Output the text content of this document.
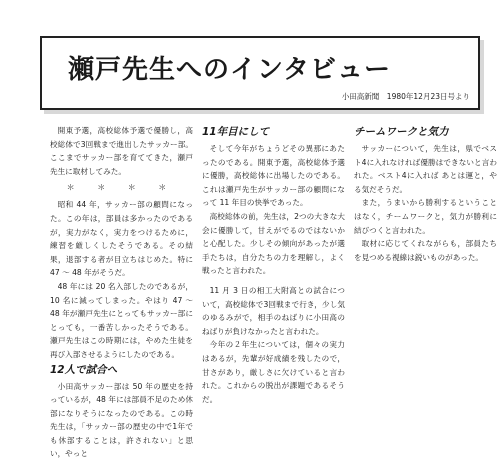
瀬戸先生へのインタビュー
小田高新聞　1980年12月23日号より

開東予選，高校総体予選で優勝し，高校総体で3回戦まで進出したサッカー部。ここまでサッカー部を育ててきた，瀬戸先生に取材してみた。

＊ ＊ ＊ ＊

昭和 44 年，サッカー部の顧問になった。この年は，部員は多かったのであるが，実力がなく，実力をつけるために，練習を厳しくしたそうである。その結果，退部する者が目立ちはじめた。特に 47 〜 48 年がそうだ。

48 年には 20 名入部したのであるが，10 名に減ってしまった。やはり 47 〜 48 年が瀬戸先生にとってもサッカー部にとっても，一番苦しかったそうである。瀬戸先生はこの時期には，やめた生徒を再び入部させるようにしたのである。

12人で試合へ

小田高サッカー部は 50 年の歴史を持っているが，48 年には部員不足のため休部になりそうになったのである。この時先生は，「サッカー部の歴史の中で1年でも休部することは，許されない」と思い，やっと

11年目にして

そして今年がちょうどその異那にあたったのである。開東予選，高校総体予選に優勝，高校総体に出場したのである。これは瀬戸先生がサッカー部の顧問になって 11 年目の快挙であった。

高校総体の前，先生は，2つの大きな大会に優勝して，甘えがでるのではないかと心配した。少しその傾向があったが選手たちは，自分たちの力を理解し，よく戦ったと言われた。

11 月 3 日の相工大附高との試合について，高校総体で3回戦まで行き，少し気のゆるみがで，相手のねばりに小田高のねばりが負けなかったと言われた。

今年の２年生については，個々の実力はあるが，先輩が好成績を残したので，甘さがあり，厳しさに欠けていると言われた。これからの脱出が課題であるそうだ。

チームワークと気力

サッカーについて，先生は，県でベスト4に入れなければ優勝はできないと言われた。ベスト4に入れば あとは運と，やる気だそうだ。

また，うまいから勝利するということはなく，チームワークと，気力が勝利に結びつくと言われた。

取材に応じてくれながらも，部員たちを見つめる視線は鋭いものがあった。
